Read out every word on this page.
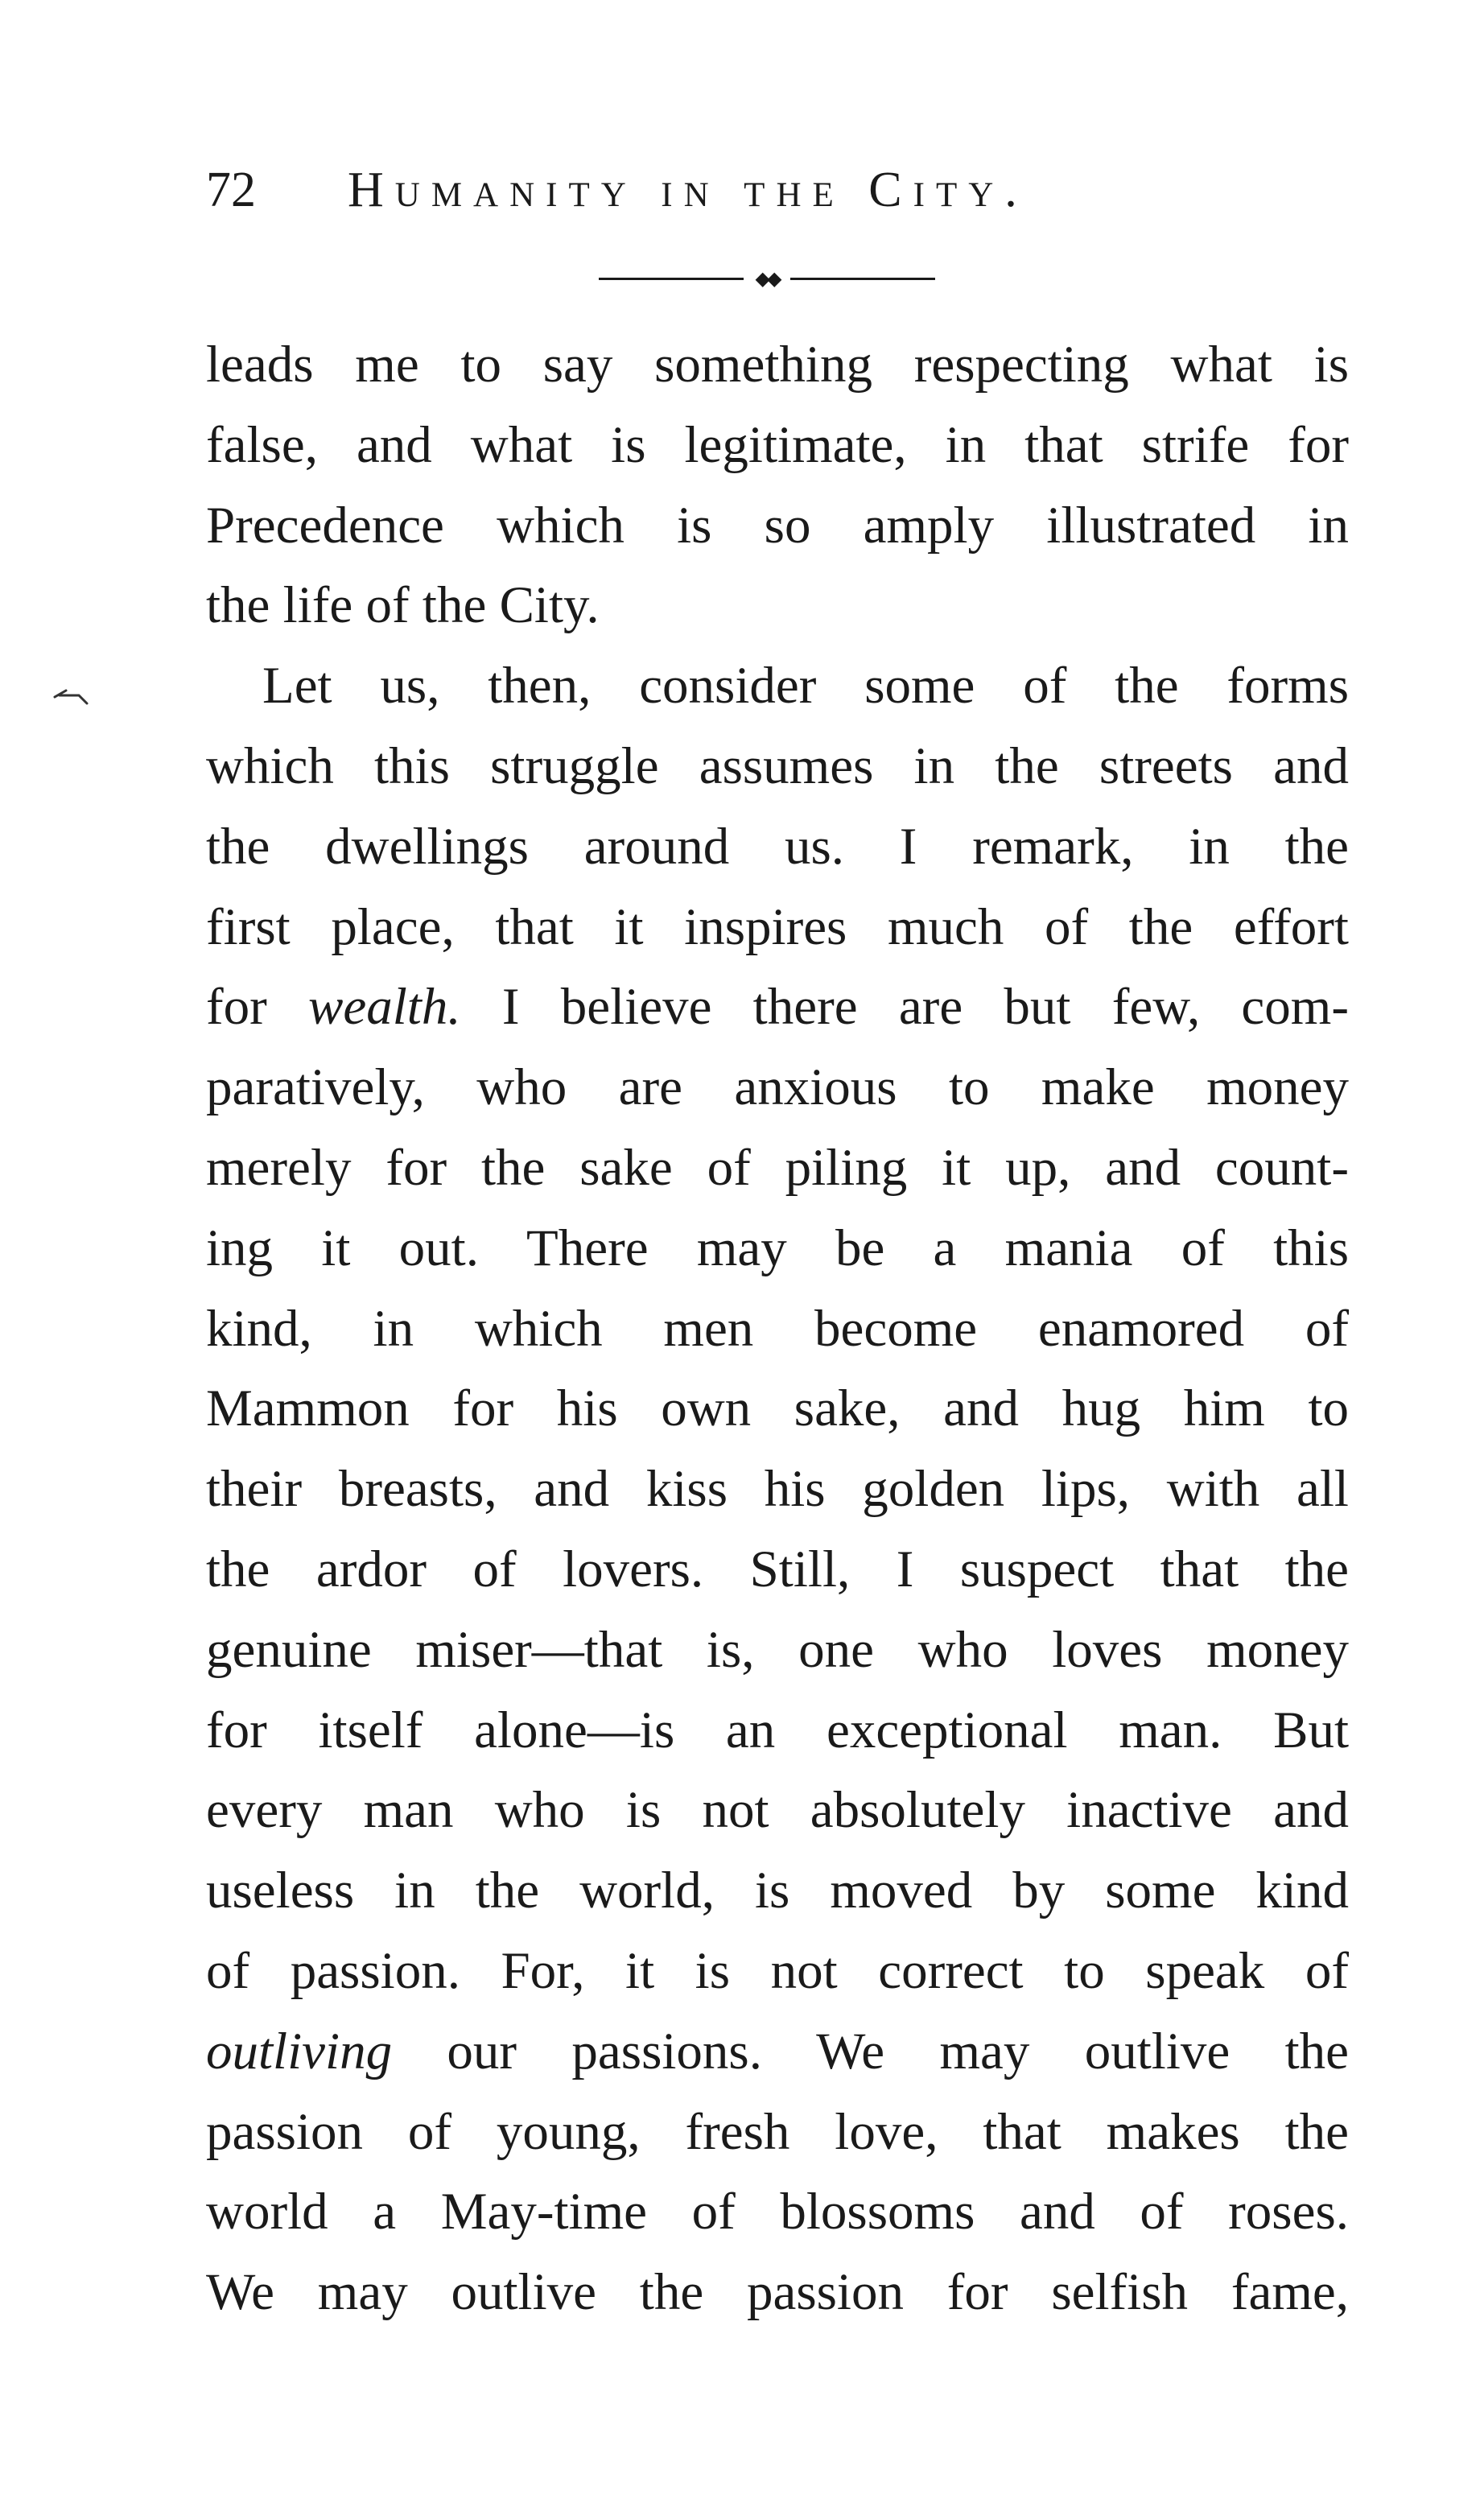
72 Humanity in the City.
◆◆
leads me to say something respecting what is
false, and what is legitimate, in that strife for
Precedence which is so amply illustrated in
the life of the City.
Let us, then, consider some of the forms
which this struggle assumes in the streets and
the dwellings around us. I remark, in the
first place, that it inspires much of the effort
for wealth. I believe there are but few, com-
paratively, who are anxious to make money
merely for the sake of piling it up, and count-
ing it out. There may be a mania of this
kind, in which men become enamored of
Mammon for his own sake, and hug him to
their breasts, and kiss his golden lips, with all
the ardor of lovers. Still, I suspect that the
genuine miser—that is, one who loves money
for itself alone—is an exceptional man. But
every man who is not absolutely inactive and
useless in the world, is moved by some kind
of passion. For, it is not correct to speak of
outliving our passions. We may outlive the
passion of young, fresh love, that makes the
world a May-time of blossoms and of roses.
We may outlive the passion for selfish fame,
